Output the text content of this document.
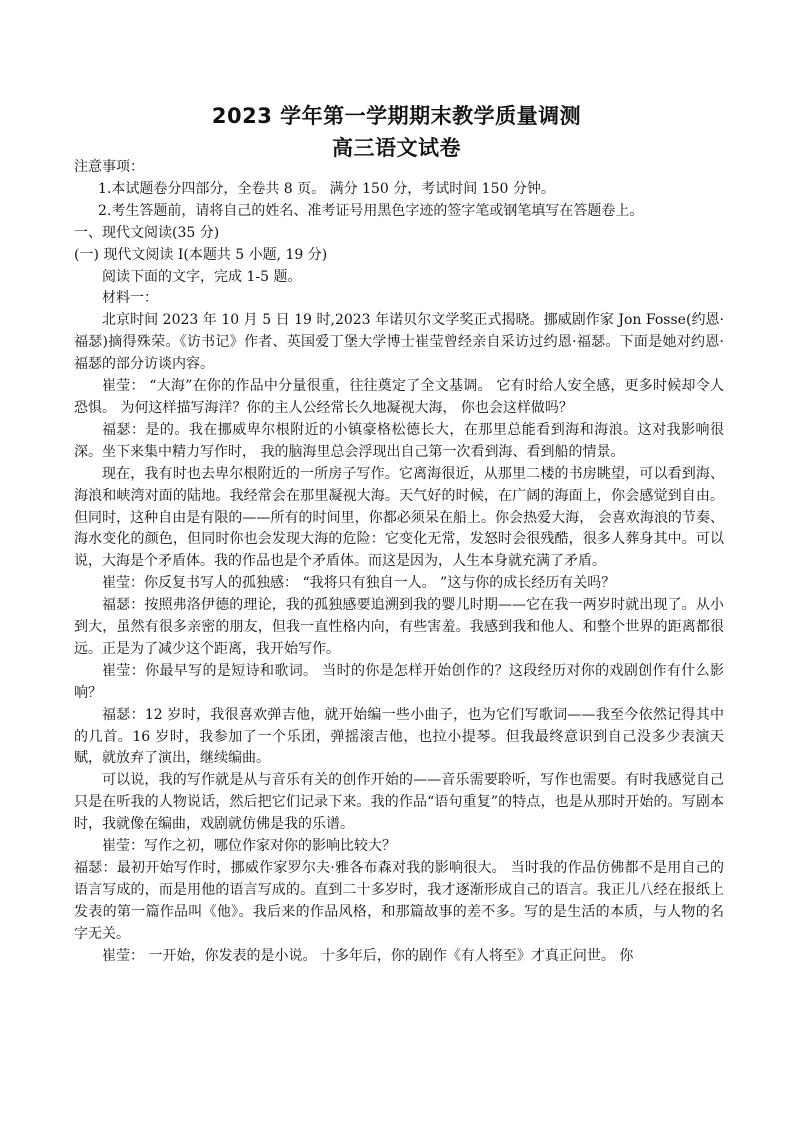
2023 学年第一学期期末教学质量调测
高三语文试卷

注意事项：

1.本试题卷分四部分，全卷共 8 页。 满分 150 分，考试时间 150 分钟。

2.考生答题前，请将自己的姓名、准考证号用黑色字迹的签字笔或钢笔填写在答题卷上。

一、现代文阅读(35 分)

(一) 现代文阅读 I(本题共 5 小题, 19 分)

阅读下面的文字，完成 1-5 题。

材料一：

北京时间 2023 年 10 月 5 日 19 时,2023 年诺贝尔文学奖正式揭晓。挪威剧作家 Jon Fosse(约恩·福瑟)摘得殊荣。《访书记》作者、英国爱丁堡大学博士崔莹曾经亲自采访过约恩·福瑟。下面是她对约恩·福瑟的部分访谈内容。

崔莹： “大海”在你的作品中分量很重，往往奠定了全文基调。 它有时给人安全感，更多时候却令人恐惧。 为何这样描写海洋？你的主人公经常长久地凝视大海， 你也会这样做吗？

福瑟：是的。我在挪威卑尔根附近的小镇豪格松德长大，在那里总能看到海和海浪。这对我影响很深。坐下来集中精力写作时， 我的脑海里总会浮现出自己第一次看到海、看到船的情景。

现在，我有时也去卑尔根附近的一所房子写作。它离海很近，从那里二楼的书房眺望，可以看到海、海浪和峡湾对面的陆地。我经常会在那里凝视大海。天气好的时候，在广阔的海面上，你会感觉到自由。但同时，这种自由是有限的——所有的时间里，你都必须呆在船上。你会热爱大海， 会喜欢海浪的节奏、 海水变化的颜色，但同时你也会发现大海的危险：它变化无常，发怒时会很残酷，很多人葬身其中。可以说，大海是个矛盾体。我的作品也是个矛盾体。而这是因为，人生本身就充满了矛盾。

崔莹：你反复书写人的孤独感： “我将只有独自一人。 ”这与你的成长经历有关吗？

福瑟：按照弗洛伊德的理论，我的孤独感要追溯到我的婴儿时期——它在我一两岁时就出现了。从小到大，虽然有很多亲密的朋友，但我一直性格内向，有些害羞。我感到我和他人、和整个世界的距离都很远。正是为了减少这个距离，我开始写作。

崔莹：你最早写的是短诗和歌词。 当时的你是怎样开始创作的？这段经历对你的戏剧创作有什么影响？

福瑟：12 岁时，我很喜欢弹吉他，就开始编一些小曲子，也为它们写歌词——我至今依然记得其中的几首。16 岁时，我参加了一个乐团，弹摇滚吉他，也拉小提琴。但我最终意识到自己没多少表演天赋，就放弃了演出，继续编曲。

可以说，我的写作就是从与音乐有关的创作开始的——音乐需要聆听，写作也需要。有时我感觉自己只是在听我的人物说话，然后把它们记录下来。我的作品“语句重复”的特点，也是从那时开始的。写剧本时，我就像在编曲，戏剧就仿佛是我的乐谱。

崔莹：写作之初，哪位作家对你的影响比较大？

福瑟：最初开始写作时，挪威作家罗尔夫·雅各布森对我的影响很大。 当时我的作品仿佛都不是用自己的语言写成的，而是用他的语言写成的。直到二十多岁时，我才逐渐形成自己的语言。我正儿八经在报纸上发表的第一篇作品叫《他》。我后来的作品风格，和那篇故事的差不多。写的是生活的本质，与人物的名字无关。

崔莹： 一开始，你发表的是小说。 十多年后，你的剧作《有人将至》才真正问世。 你
